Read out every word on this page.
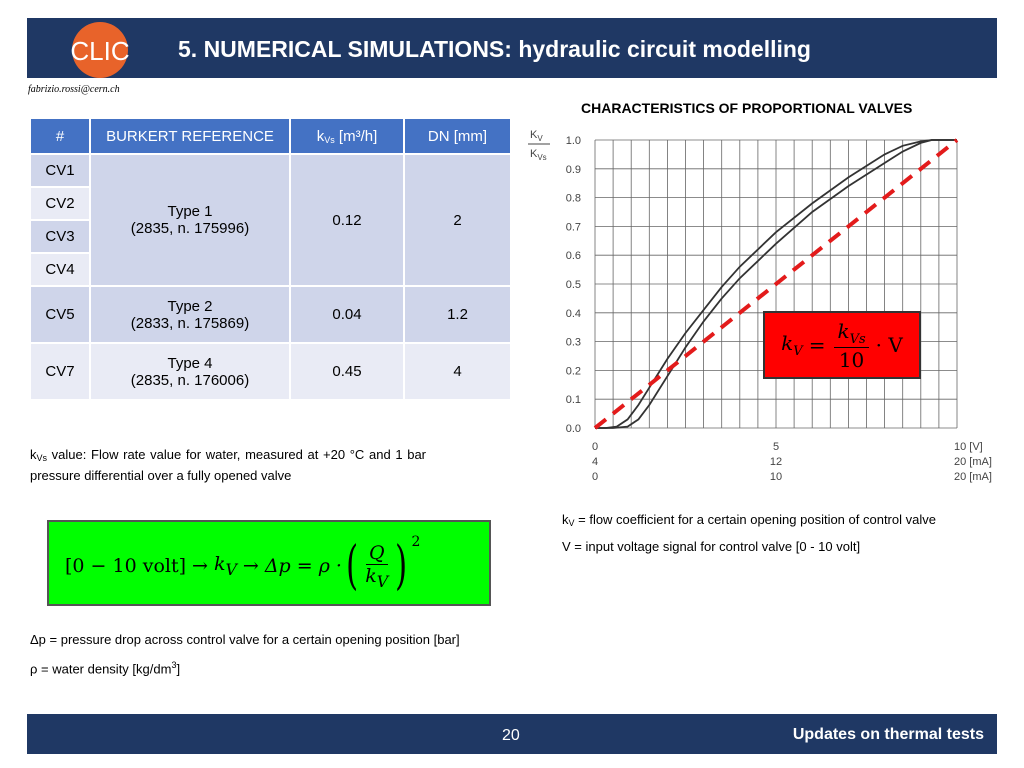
CLIC 5. NUMERICAL SIMULATIONS: hydraulic circuit modelling
fabrizio.rossi@cern.ch
#	BURKERT REFERENCE	$k_{Vs}$ [m³/h]	DN [mm]
CV1	Type 1
(2835, n. 175996)	0.12	2
CV2			
CV3			
CV4			
CV5	Type 2
(2833, n. 175869)	0.04	1.2
CV7	Type 4
(2835, n. 176006)	0.45	4
$k_{Vs}$ value: Flow rate value for water, measured at +20 °C and 1 bar pressure differential over a fully opened valve
[0 − 10 volt] → $k_V \to \Delta p = \rho$ · ( $\frac{Q}{k_V}$ ) $^2$
Δp = pressure drop across control valve for a certain opening position [bar]
ρ = water density $[kg/dm^3]$
$k_V$ = flow coefficient for a certain opening position of control valve
V = input voltage signal for control valve [0 - 10 volt]
CHARACTERISTICS OF PROPORTIONAL VALVES
0.0
0.1
0.2
0.3
0.4
0.5
0.6
0.7
0.8
0.9
1.0
0	5	10 [V]
4	12	20 [mA]
0	10	20 [mA]
$K_V$
$K_{Vs}$
$k_V = \frac{k_{Vs}}{10} \cdot V$
20	Updates on thermal tests
